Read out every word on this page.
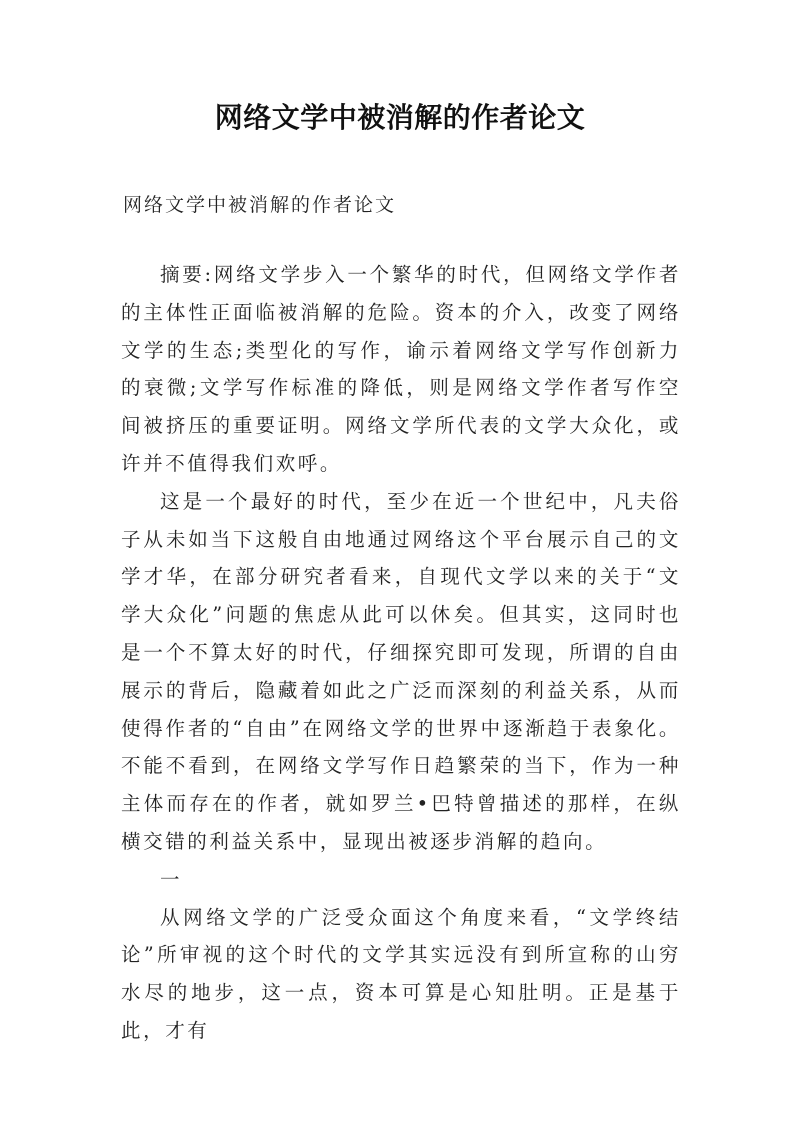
网络文学中被消解的作者论文
网络文学中被消解的作者论文

摘要:网络文学步入一个繁华的时代，但网络文学作者的主体性正面临被消解的危险。资本的介入，改变了网络文学的生态;类型化的写作，谕示着网络文学写作创新力的衰微;文学写作标准的降低，则是网络文学作者写作空间被挤压的重要证明。网络文学所代表的文学大众化，或许并不值得我们欢呼。

这是一个最好的时代，至少在近一个世纪中，凡夫俗子从未如当下这般自由地通过网络这个平台展示自己的文学才华，在部分研究者看来，自现代文学以来的关于“文学大众化”问题的焦虑从此可以休矣。但其实，这同时也是一个不算太好的时代，仔细探究即可发现，所谓的自由展示的背后，隐藏着如此之广泛而深刻的利益关系，从而使得作者的“自由”在网络文学的世界中逐渐趋于表象化。不能不看到，在网络文学写作日趋繁荣的当下，作为一种主体而存在的作者，就如罗兰•巴特曾描述的那样，在纵横交错的利益关系中，显现出被逐步消解的趋向。

一

从网络文学的广泛受众面这个角度来看，“文学终结论”所审视的这个时代的文学其实远没有到所宣称的山穷水尽的地步，这一点，资本可算是心知肚明。正是基于此，才有
